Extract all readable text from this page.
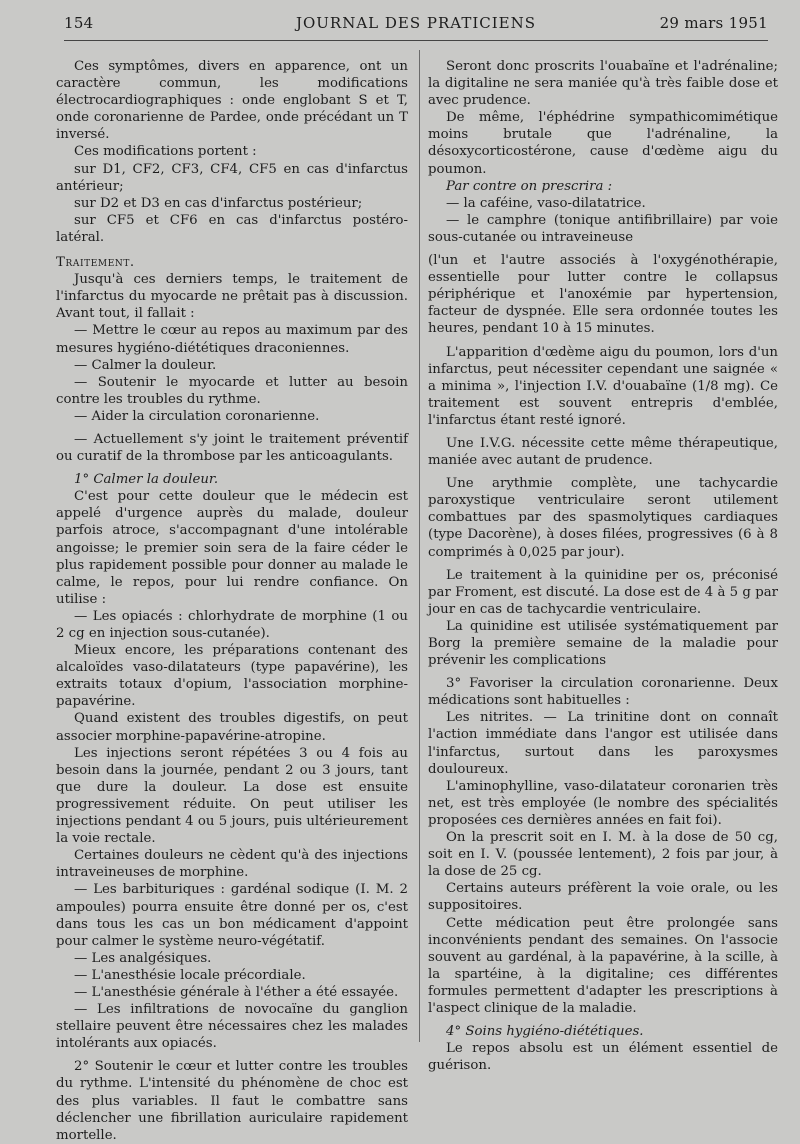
154	JOURNAL DES PRATICIENS	29 mars 1951

Ces symptômes, divers en apparence, ont un caractère commun, les modifications électrocardiographiques : onde englobant S et T, onde coronarienne de Pardee, onde précédant un T inversé.

Ces modifications portent :

sur D1, CF2, CF3, CF4, CF5 en cas d'infarctus antérieur;

sur D2 et D3 en cas d'infarctus postérieur;

sur CF5 et CF6 en cas d'infarctus postéro-latéral.

Traitement.

Jusqu'à ces derniers temps, le traitement de l'infarctus du myocarde ne prêtait pas à discussion. Avant tout, il fallait :

— Mettre le cœur au repos au maximum par des mesures hygiéno-diététiques draconiennes.

— Calmer la douleur.

— Soutenir le myocarde et lutter au besoin contre les troubles du rythme.

— Aider la circulation coronarienne.

— Actuellement s'y joint le traitement préventif ou curatif de la thrombose par les anticoagulants.

1° Calmer la douleur.

C'est pour cette douleur que le médecin est appelé d'urgence auprès du malade, douleur parfois atroce, s'accompagnant d'une intolérable angoisse; le premier soin sera de la faire céder le plus rapidement possible pour donner au malade le calme, le repos, pour lui rendre confiance. On utilise :

— Les opiacés : chlorhydrate de morphine (1 ou 2 cg en injection sous-cutanée).

Mieux encore, les préparations contenant des alcaloïdes vaso-dilatateurs (type papavérine), les extraits totaux d'opium, l'association morphine-papavérine.

Quand existent des troubles digestifs, on peut associer morphine-papavérine-atropine.

Les injections seront répétées 3 ou 4 fois au besoin dans la journée, pendant 2 ou 3 jours, tant que dure la douleur. La dose est ensuite progressivement réduite. On peut utiliser les injections pendant 4 ou 5 jours, puis ultérieurement la voie rectale.

Certaines douleurs ne cèdent qu'à des injections intraveineuses de morphine.

— Les barbituriques : gardénal sodique (I. M. 2 ampoules) pourra ensuite être donné per os, c'est dans tous les cas un bon médicament d'appoint pour calmer le système neuro-végétatif.

— Les analgésiques.

— L'anesthésie locale précordiale.

— L'anesthésie générale à l'éther a été essayée.

— Les infiltrations de novocaïne du ganglion stellaire peuvent être nécessaires chez les malades intolérants aux opiacés.

2° Soutenir le cœur et lutter contre les troubles du rythme. L'intensité du phénomène de choc est des plus variables. Il faut le combattre sans déclencher une fibrillation auriculaire rapidement mortelle.

Seront donc proscrits l'ouabaïne et l'adrénaline; la digitaline ne sera maniée qu'à très faible dose et avec prudence.

De même, l'éphédrine sympathicomimétique moins brutale que l'adrénaline, la désoxycorticostérone, cause d'œdème aigu du poumon.

Par contre on prescrira :

— la caféine, vaso-dilatatrice.

— le camphre (tonique antifibrillaire) par voie sous-cutanée ou intraveineuse

(l'un et l'autre associés à l'oxygénothérapie, essentielle pour lutter contre le collapsus périphérique et l'anoxémie par hypertension, facteur de dyspnée. Elle sera ordonnée toutes les heures, pendant 10 à 15 minutes.

L'apparition d'œdème aigu du poumon, lors d'un infarctus, peut nécessiter cependant une saignée « a minima », l'injection I.V. d'ouabaïne (1/8 mg). Ce traitement est souvent entrepris d'emblée, l'infarctus étant resté ignoré.

Une I.V.G. nécessite cette même thérapeutique, maniée avec autant de prudence.

Une arythmie complète, une tachycardie paroxystique ventriculaire seront utilement combattues par des spasmolytiques cardiaques (type Dacorène), à doses filées, progressives (6 à 8 comprimés à 0,025 par jour).

Le traitement à la quinidine per os, préconisé par Froment, est discuté. La dose est de 4 à 5 g par jour en cas de tachycardie ventriculaire.

La quinidine est utilisée systématiquement par Borg la première semaine de la maladie pour prévenir les complications

3° Favoriser la circulation coronarienne. Deux médications sont habituelles :

Les nitrites. — La trinitine dont on connaît l'action immédiate dans l'angor est utilisée dans l'infarctus, surtout dans les paroxysmes douloureux.

L'aminophylline, vaso-dilatateur coronarien très net, est très employée (le nombre des spécialités proposées ces dernières années en fait foi).

On la prescrit soit en I. M. à la dose de 50 cg, soit en I. V. (poussée lentement), 2 fois par jour, à la dose de 25 cg.

Certains auteurs préfèrent la voie orale, ou les suppositoires.

Cette médication peut être prolongée sans inconvénients pendant des semaines. On l'associe souvent au gardénal, à la papavérine, à la scille, à la spartéine, à la digitaline; ces différentes formules permettent d'adapter les prescriptions à l'aspect clinique de la maladie.

4° Soins hygiéno-diététiques.

Le repos absolu est un élément essentiel de guérison.
